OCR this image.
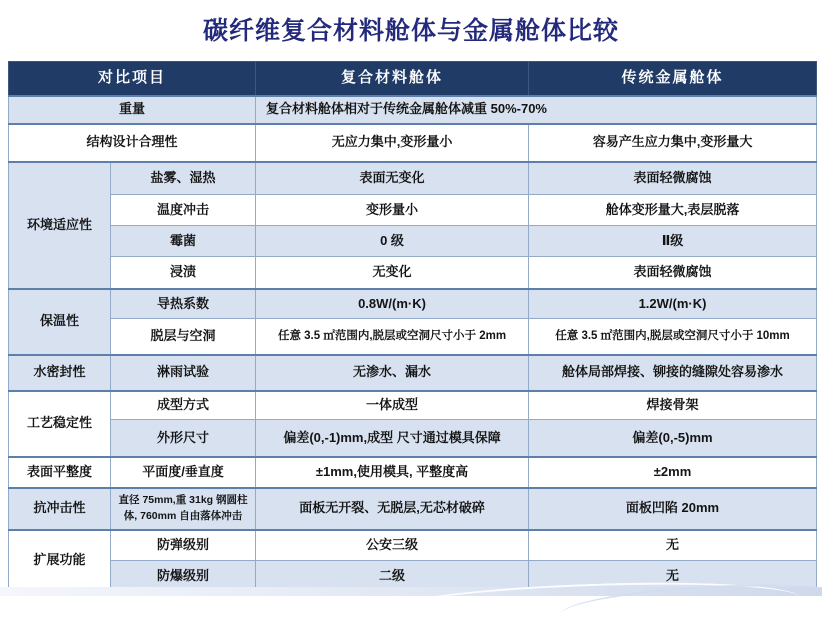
碳纤维复合材料舱体与金属舱体比较
对比项目		复合材料舱体	传统金属舱体
重量		复合材料舱体相对于传统金属舱体减重 50%-70%	
结构设计合理性		无应力集中,变形量小	容易产生应力集中,变形量大
环境适应性	盐雾、湿热	表面无变化	表面轻微腐蚀
	温度冲击	变形量小	舱体变形量大,表层脱落
	霉菌	0 级	Ⅱ级
	浸渍	无变化	表面轻微腐蚀
保温性	导热系数	0.8W/(m·K)	1.2W/(m·K)
	脱层与空洞	任意 3.5 ㎡范围内,脱层或空洞尺寸小于 2mm	任意 3.5 ㎡范围内,脱层或空洞尺寸小于 10mm
水密封性	淋雨试验	无渗水、漏水	舱体局部焊接、铆接的缝隙处容易渗水
工艺稳定性	成型方式	一体成型	焊接骨架
	外形尺寸	偏差(0,-1)mm,成型 尺寸通过模具保障	偏差(0,-5)mm
表面平整度	平面度/垂直度	±1mm,使用模具, 平整度高	±2mm
抗冲击性	直径 75mm,重 31kg 钢圆柱体, 760mm 自由落体冲击	面板无开裂、无脱层,无芯材破碎	面板凹陷 20mm
扩展功能	防弹级别	公安三级	无
	防爆级别	二级	无
